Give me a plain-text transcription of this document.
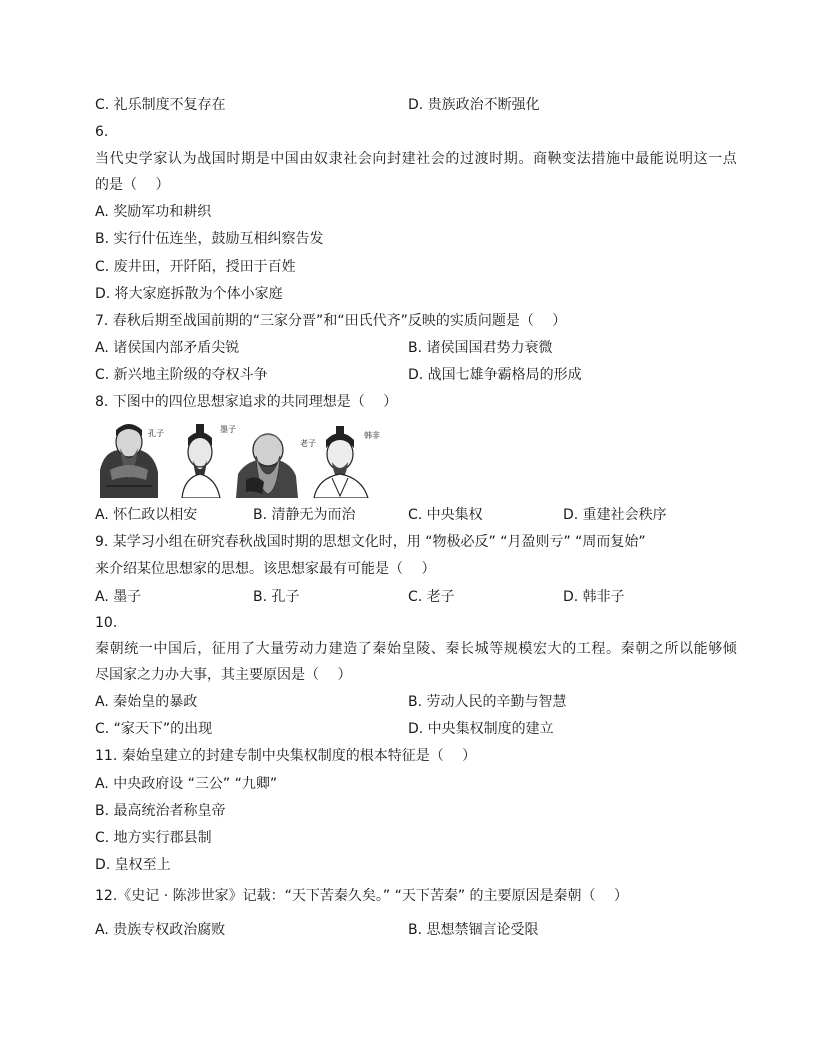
C. 礼乐制度不复存在	D. 贵族政治不断强化
6.
当代史学家认为战国时期是中国由奴隶社会向封建社会的过渡时期。商鞅变法措施中最能说明这一点
的是（　 ）
A. 奖励军功和耕织
B. 实行什伍连坐，鼓励互相纠察告发
C. 废井田，开阡陌，授田于百姓
D. 将大家庭拆散为个体小家庭
7. 春秋后期至战国前期的“三家分晋”和“田氏代齐”反映的实质问题是（　 ）
A. 诸侯国内部矛盾尖锐	B. 诸侯国国君势力衰微
C. 新兴地主阶级的夺权斗争	D. 战国七雄争霸格局的形成
8. 下图中的四位思想家追求的共同理想是（　 ）
孔子	墨子
老子
韩非
A. 怀仁政以相安	B. 清静无为而治	C. 中央集权	D. 重建社会秩序
9. 某学习小组在研究春秋战国时期的思想文化时，用 “物极必反” “月盈则亏” “周而复始”
来介绍某位思想家的思想。该思想家最有可能是（　 ）
A. 墨子	B. 孔子	C. 老子	D. 韩非子
10.
秦朝统一中国后，征用了大量劳动力建造了秦始皇陵、秦长城等规模宏大的工程。秦朝之所以能够倾
尽国家之力办大事，其主要原因是（　 ）
A. 秦始皇的暴政	B. 劳动人民的辛勤与智慧
C. “家天下”的出现	D. 中央集权制度的建立
11. 秦始皇建立的封建专制中央集权制度的根本特征是（　 ）
A. 中央政府设 “三公” “九卿”
B. 最高统治者称皇帝
C. 地方实行郡县制
D. 皇权至上
12.《史记 · 陈涉世家》记载：“天下苦秦久矣。” “天下苦秦” 的主要原因是秦朝（　 ）
A. 贵族专权政治腐败	B. 思想禁锢言论受限
